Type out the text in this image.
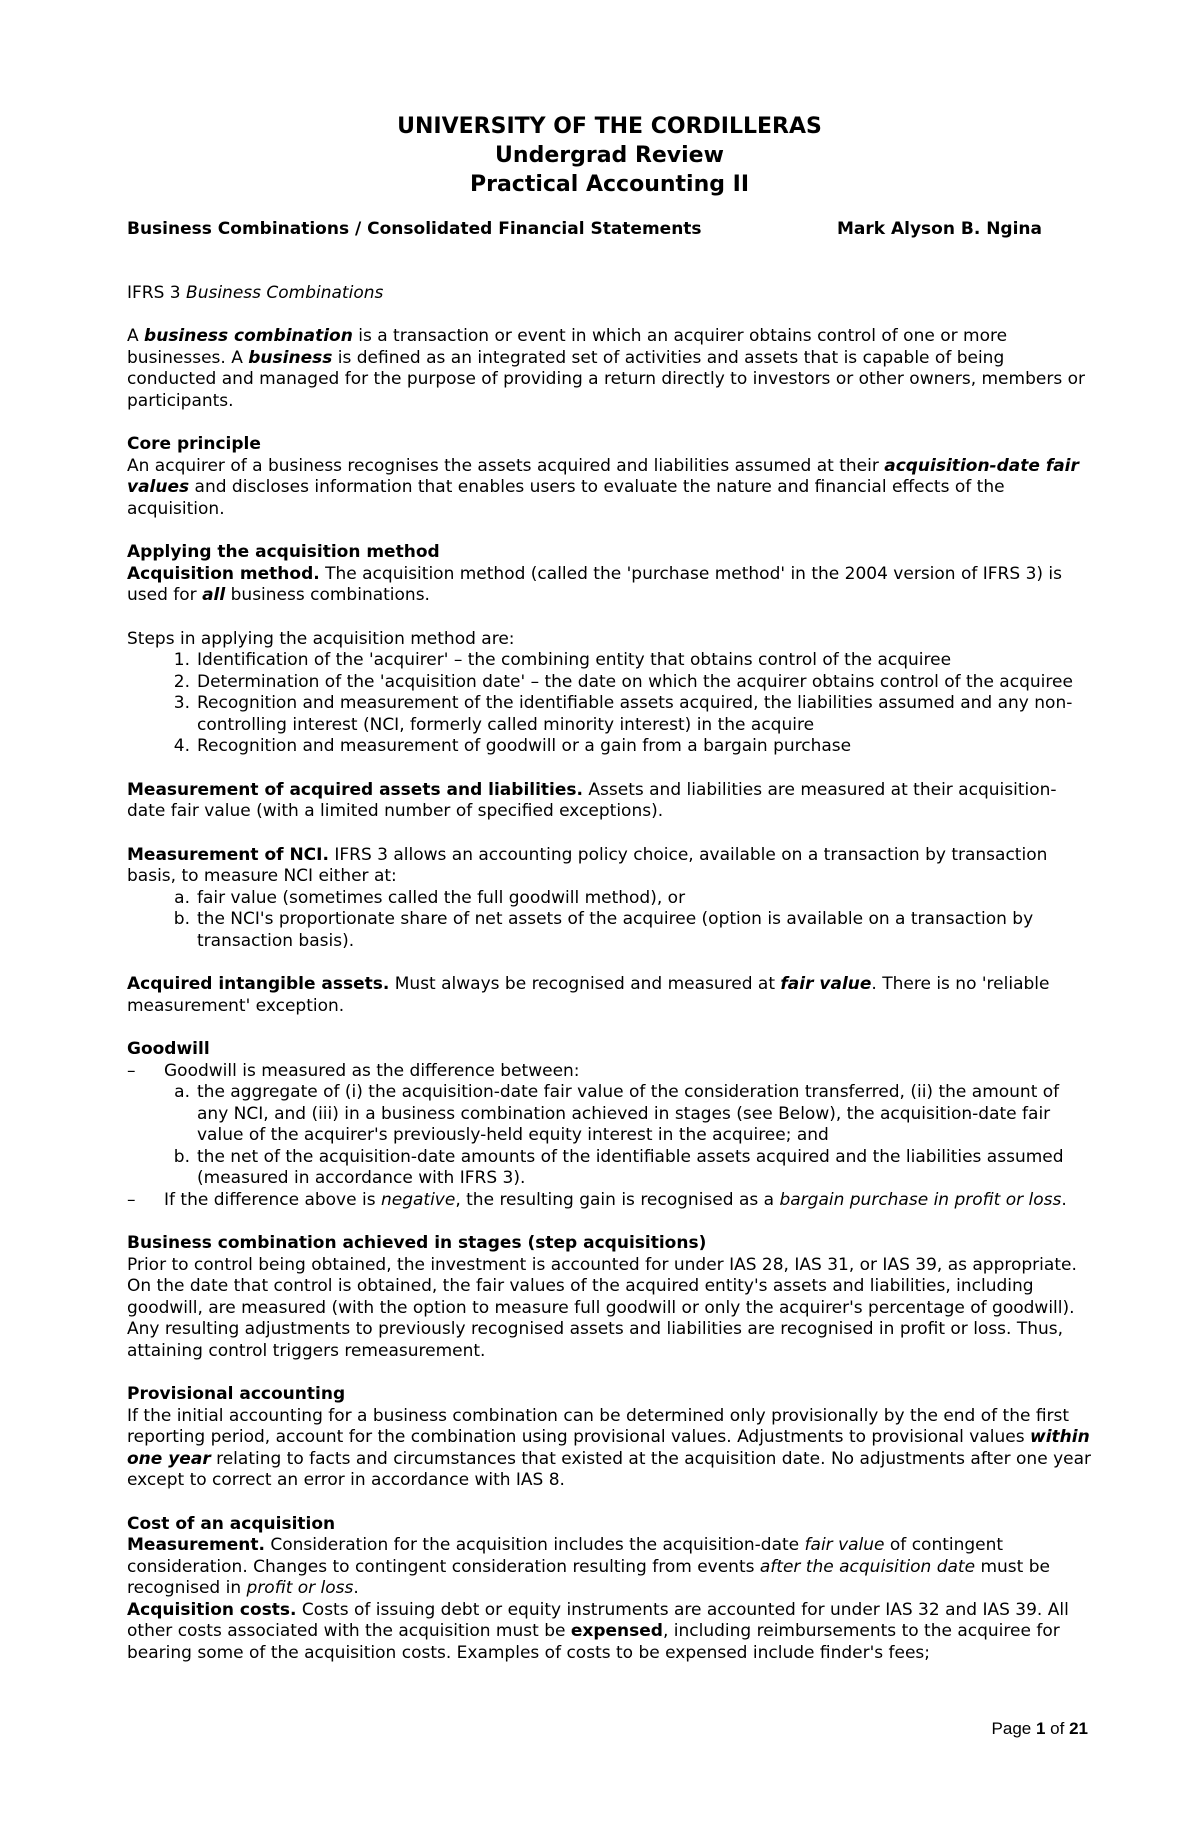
UNIVERSITY OF THE CORDILLERAS
Undergrad Review
Practical Accounting II
Business Combinations / Consolidated Financial Statements	Mark Alyson B. Ngina

IFRS 3 Business Combinations

A business combination is a transaction or event in which an acquirer obtains control of one or more businesses. A business is defined as an integrated set of activities and assets that is capable of being conducted and managed for the purpose of providing a return directly to investors or other owners, members or participants.

Core principle

An acquirer of a business recognises the assets acquired and liabilities assumed at their acquisition-date fair values and discloses information that enables users to evaluate the nature and financial effects of the acquisition.

Applying the acquisition method

Acquisition method. The acquisition method (called the 'purchase method' in the 2004 version of IFRS 3) is used for all business combinations.

Steps in applying the acquisition method are:

1. Identification of the 'acquirer' – the combining entity that obtains control of the acquiree
2. Determination of the 'acquisition date' – the date on which the acquirer obtains control of the acquiree
3. Recognition and measurement of the identifiable assets acquired, the liabilities assumed and any non-controlling interest (NCI, formerly called minority interest) in the acquire
4. Recognition and measurement of goodwill or a gain from a bargain purchase

Measurement of acquired assets and liabilities. Assets and liabilities are measured at their acquisition-date fair value (with a limited number of specified exceptions).

Measurement of NCI. IFRS 3 allows an accounting policy choice, available on a transaction by transaction basis, to measure NCI either at:

a. fair value (sometimes called the full goodwill method), or
b. the NCI's proportionate share of net assets of the acquiree (option is available on a transaction by transaction basis).

Acquired intangible assets. Must always be recognised and measured at fair value. There is no 'reliable measurement' exception.

Goodwill

–	Goodwill is measured as the difference between:
a. the aggregate of (i) the acquisition-date fair value of the consideration transferred, (ii) the amount of any NCI, and (iii) in a business combination achieved in stages (see Below), the acquisition-date fair value of the acquirer's previously-held equity interest in the acquiree; and
b. the net of the acquisition-date amounts of the identifiable assets acquired and the liabilities assumed (measured in accordance with IFRS 3).
–	If the difference above is negative, the resulting gain is recognised as a bargain purchase in profit or loss.

Business combination achieved in stages (step acquisitions)

Prior to control being obtained, the investment is accounted for under IAS 28, IAS 31, or IAS 39, as appropriate. On the date that control is obtained, the fair values of the acquired entity's assets and liabilities, including goodwill, are measured (with the option to measure full goodwill or only the acquirer's percentage of goodwill). Any resulting adjustments to previously recognised assets and liabilities are recognised in profit or loss. Thus, attaining control triggers remeasurement.

Provisional accounting

If the initial accounting for a business combination can be determined only provisionally by the end of the first reporting period, account for the combination using provisional values. Adjustments to provisional values within one year relating to facts and circumstances that existed at the acquisition date. No adjustments after one year except to correct an error in accordance with IAS 8.

Cost of an acquisition

Measurement. Consideration for the acquisition includes the acquisition-date fair value of contingent consideration. Changes to contingent consideration resulting from events after the acquisition date must be recognised in profit or loss.

Acquisition costs. Costs of issuing debt or equity instruments are accounted for under IAS 32 and IAS 39. All other costs associated with the acquisition must be expensed, including reimbursements to the acquiree for bearing some of the acquisition costs. Examples of costs to be expensed include finder's fees;

Page 1 of 21
